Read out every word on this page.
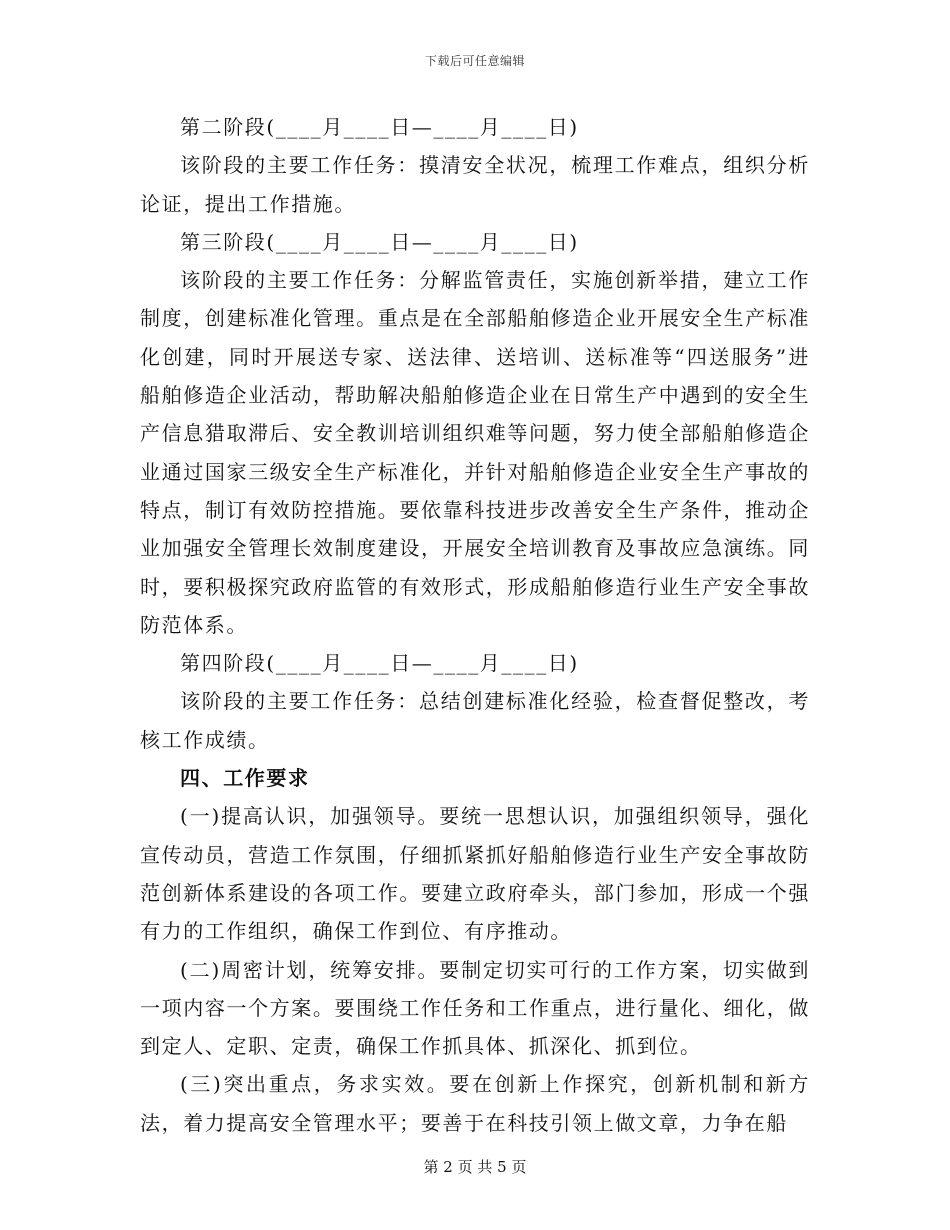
下载后可任意编辑

第二阶段(____月____日—____月____日)

该阶段的主要工作任务：摸清安全状况，梳理工作难点，组织分析论证，提出工作措施。

第三阶段(____月____日—____月____日)

该阶段的主要工作任务：分解监管责任，实施创新举措，建立工作制度，创建标准化管理。重点是在全部船舶修造企业开展安全生产标准化创建，同时开展送专家、送法律、送培训、送标准等“四送服务”进船舶修造企业活动，帮助解决船舶修造企业在日常生产中遇到的安全生产信息猎取滞后、安全教训培训组织难等问题，努力使全部船舶修造企业通过国家三级安全生产标准化，并针对船舶修造企业安全生产事故的特点，制订有效防控措施。要依靠科技进步改善安全生产条件，推动企业加强安全管理长效制度建设，开展安全培训教育及事故应急演练。同时，要积极探究政府监管的有效形式，形成船舶修造行业生产安全事故防范体系。

第四阶段(____月____日—____月____日)

该阶段的主要工作任务：总结创建标准化经验，检查督促整改，考核工作成绩。

四、工作要求

(一)提高认识，加强领导。要统一思想认识，加强组织领导，强化宣传动员，营造工作氛围，仔细抓紧抓好船舶修造行业生产安全事故防范创新体系建设的各项工作。要建立政府牵头，部门参加，形成一个强有力的工作组织，确保工作到位、有序推动。

(二)周密计划，统筹安排。要制定切实可行的工作方案，切实做到一项内容一个方案。要围绕工作任务和工作重点，进行量化、细化，做到定人、定职、定责，确保工作抓具体、抓深化、抓到位。

(三)突出重点，务求实效。要在创新上作探究，创新机制和新方法，着力提高安全管理水平；要善于在科技引领上做文章，力争在船

第 2 页 共 5 页
